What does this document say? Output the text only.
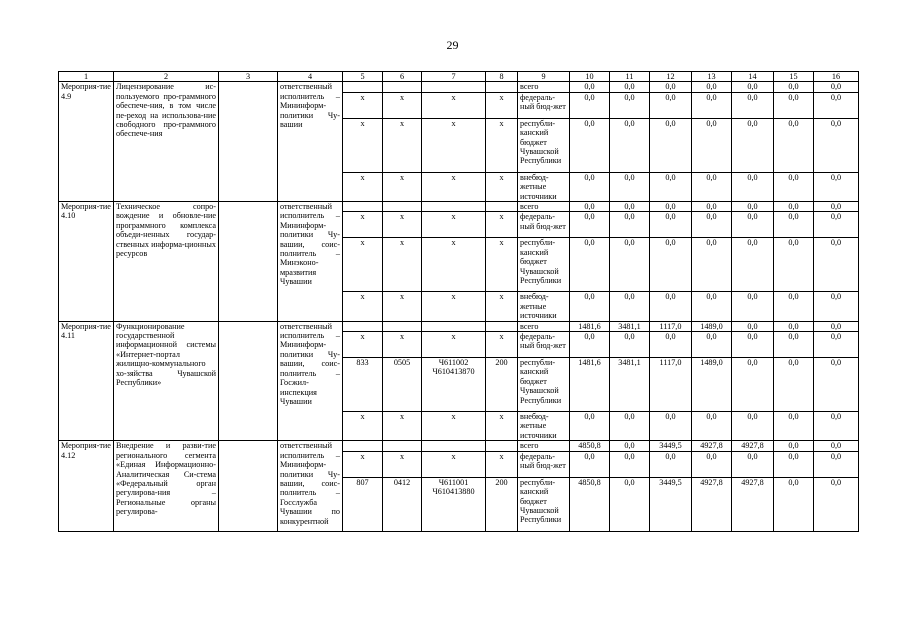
29
1	2	3	4	5	6	7	8	9	10	11	12	13	14	15	16
Мероприя-тие 4.9	Лицензирование ис-пользуемого про-граммного обеспече-ния, в том числе пе-реход на использова-ние свободного про-граммного обеспече-ния		ответственный исполнитель – Мининформ-политики Чу-вашии					всего	0,0	0,0	0,0	0,0	0,0	0,0	0,0
				x	x	x	x	федераль-ный бюд-жет	0,0	0,0	0,0	0,0	0,0	0,0	0,0
				x	x	x	x	республи-канский бюджет Чувашской Республики	0,0	0,0	0,0	0,0	0,0	0,0	0,0
				x	x	x	x	внебюд-жетные источники	0,0	0,0	0,0	0,0	0,0	0,0	0,0
Мероприя-тие 4.10	Техническое сопро-вождение и обновле-ние программного комплекса объеди-ненных государ-ственных информа-ционных ресурсов		ответственный исполнитель – Мининформ-политики Чу-вашии, соис-полнитель – Минэконо-мразвития Чувашии					всего	0,0	0,0	0,0	0,0	0,0	0,0	0,0
				x	x	x	x	федераль-ный бюд-жет	0,0	0,0	0,0	0,0	0,0	0,0	0,0
				x	x	x	x	республи-канский бюджет Чувашской Республики	0,0	0,0	0,0	0,0	0,0	0,0	0,0
				x	x	x	x	внебюд-жетные источники	0,0	0,0	0,0	0,0	0,0	0,0	0,0
Мероприя-тие 4.11	Функционирование государственной информационной системы «Интернет-портал жилищно-коммунального хо-зяйства Чувашской Республики»		ответственный исполнитель – Мининформ-политики Чу-вашии, соис-полнитель – Госжил-инспекция Чувашии					всего	1481,6	3481,1	1117,0	1489,0	0,0	0,0	0,0
				x	x	x	x	федераль-ный бюд-жет	0,0	0,0	0,0	0,0	0,0	0,0	0,0
				833	0505	Ч611002 Ч610413870	200	республи-канский бюджет Чувашской Республики	1481,6	3481,1	1117,0	1489,0	0,0	0,0	0,0
				x	x	x	x	внебюд-жетные источники	0,0	0,0	0,0	0,0	0,0	0,0	0,0
Мероприя-тие 4.12	Внедрение и разви-тие регионального сегмента «Единая Информационно-Аналитическая Си-стема «Федеральный орган регулирова-ния – Региональные органы регулирова-		ответственный исполнитель – Мининформ-политики Чу-вашии, соис-полнитель – Госслужба Чувашии по конкурентной					всего	4850,8	0,0	3449,5	4927,8	4927,8	0,0	0,0
				x	x	x	x	федераль-ный бюд-жет	0,0	0,0	0,0	0,0	0,0	0,0	0,0
				807	0412	Ч611001 Ч610413880	200	республи-канский бюджет Чувашской Республики	4850,8	0,0	3449,5	4927,8	4927,8	0,0	0,0
